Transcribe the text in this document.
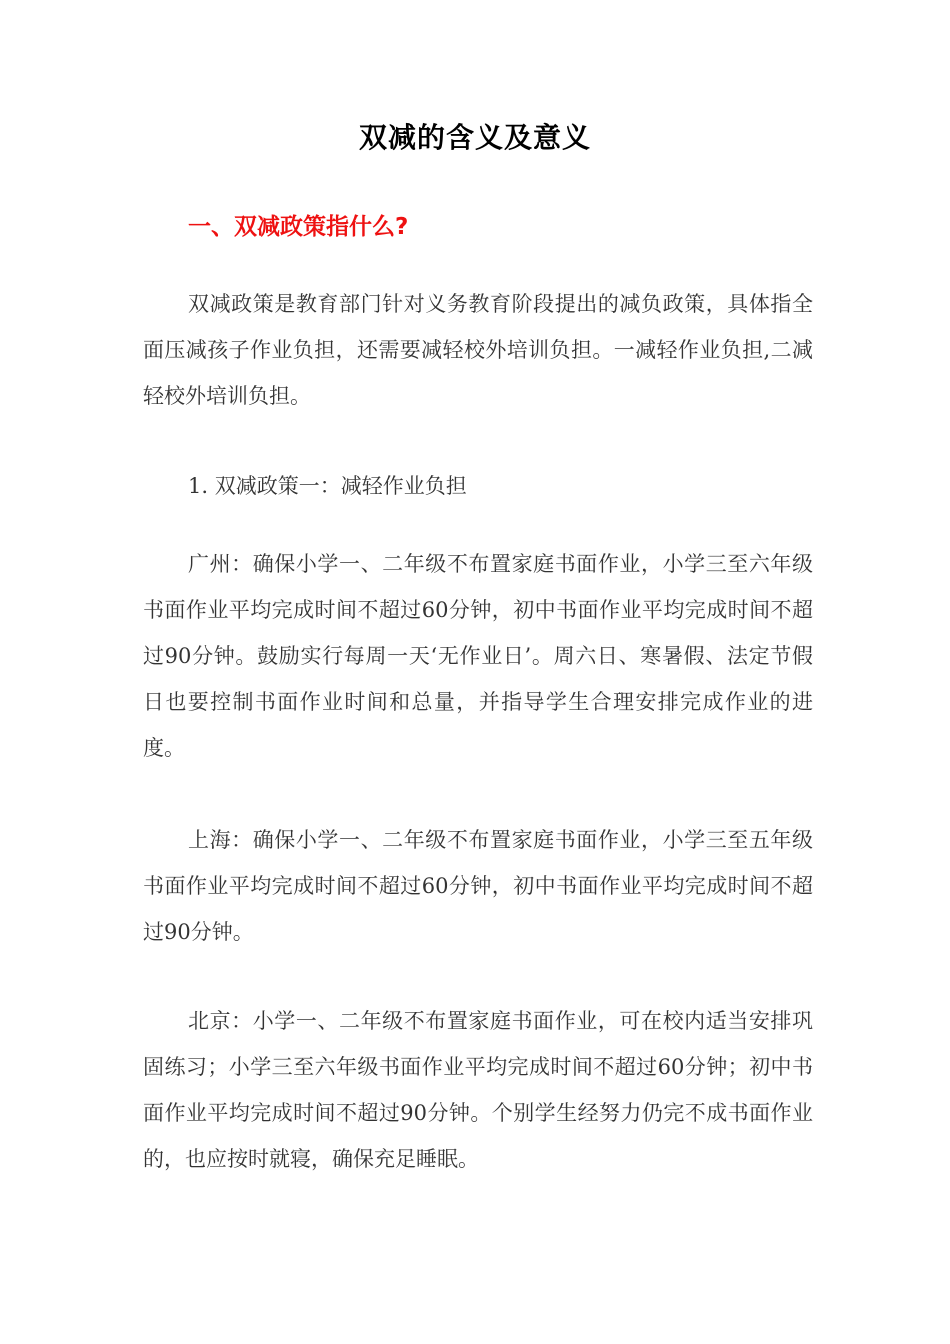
双减的含义及意义
一、双减政策指什么?

双减政策是教育部门针对义务教育阶段提出的减负政策，具体指全面压减孩子作业负担，还需要减轻校外培训负担。一减轻作业负担,二减轻校外培训负担。

1. 双减政策一：减轻作业负担

广州：确保小学一、二年级不布置家庭书面作业，小学三至六年级书面作业平均完成时间不超过60分钟，初中书面作业平均完成时间不超过90分钟。鼓励实行每周一天‘无作业日’。周六日、寒暑假、法定节假日也要控制书面作业时间和总量，并指导学生合理安排完成作业的进度。

上海：确保小学一、二年级不布置家庭书面作业，小学三至五年级书面作业平均完成时间不超过60分钟，初中书面作业平均完成时间不超过90分钟。

北京：小学一、二年级不布置家庭书面作业，可在校内适当安排巩固练习；小学三至六年级书面作业平均完成时间不超过60分钟；初中书面作业平均完成时间不超过90分钟。个别学生经努力仍完不成书面作业的，也应按时就寝，确保充足睡眠。
